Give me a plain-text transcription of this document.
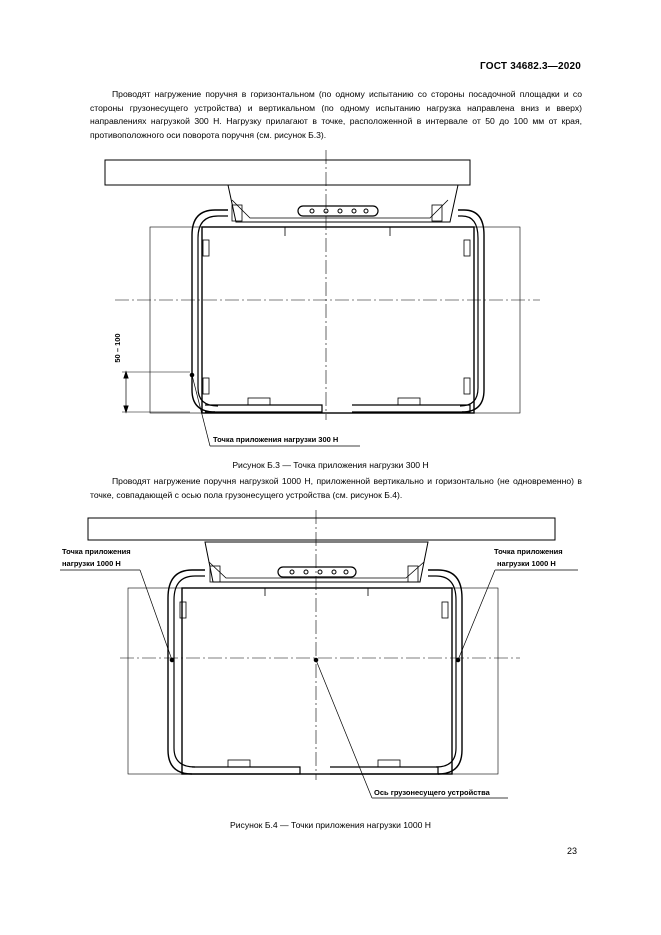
ГОСТ 34682.3—2020

Проводят нагружение поручня в горизонтальном (по одному испытанию со стороны посадочной площадки и со стороны грузонесущего устройства) и вертикальном (по одному испытанию нагрузка направлена вниз и вверх) направлениях нагрузкой 300 Н. Нагрузку прилагают в точке, расположенной в интервале от 50 до 100 мм от края, противоположного оси поворота поручня (см. рисунок Б.3).

50 – 100
Точка приложения нагрузки 300 Н
Рисунок Б.3 — Точка приложения нагрузки 300 Н

Проводят нагружение поручня нагрузкой 1000 Н, приложенной вертикально и горизонтально (не одновременно) в точке, совпадающей с осью пола грузонесущего устройства (см. рисунок Б.4).

Точка приложения
нагрузки 1000 Н
Точка приложения
нагрузки 1000 Н
Ось грузонесущего устройства
Рисунок Б.4 — Точки приложения нагрузки 1000 Н
23
